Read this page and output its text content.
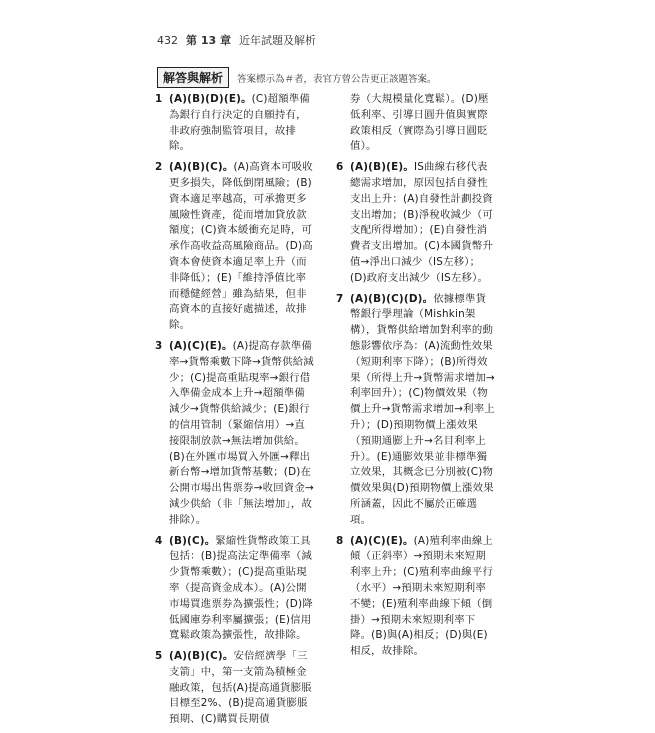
432 第 13 章 近年試題及解析
解答與解析	答案標示為＃者，表官方曾公告更正該題答案。
1 (A)(B)(D)(E)。(C)超額準備為銀行自行決定的自願持有，非政府強制監管項目，故排除。
2 (A)(B)(C)。(A)高資本可吸收更多損失，降低倒閉風險；(B)資本適足率越高，可承擔更多風險性資產，從而增加貸放款額度；(C)資本緩衝充足時，可承作高收益高風險商品。(D)高資本會使資本適足率上升（而非降低）；(E)「維持淨值比率而穩健經營」雖為結果，但非高資本的直接好處描述，故排除。
3 (A)(C)(E)。(A)提高存款準備率→貨幣乘數下降→貨幣供給減少；(C)提高重貼現率→銀行借入準備金成本上升→超額準備減少→貨幣供給減少；(E)銀行的信用管制（緊縮信用）→直接限制放款→無法增加供給。(B)在外匯市場買入外匯→釋出新台幣→增加貨幣基數；(D)在公開市場出售票券→收回資金→減少供給（非「無法增加」，故排除）。
4 (B)(C)。緊縮性貨幣政策工具包括：(B)提高法定準備率（減少貨幣乘數）；(C)提高重貼現率（提高資金成本）。(A)公開市場買進票券為擴張性；(D)降低國庫券利率屬擴張；(E)信用寬鬆政策為擴張性，故排除。
5 (A)(B)(C)。安倍經濟學「三支箭」中，第一支箭為積極金融政策，包括(A)提高通貨膨脹目標至2%、(B)提高通貨膨脹預期、(C)購買長期債
券（大規模量化寬鬆）。(D)壓低利率、引導日圓升值與實際政策相反（實際為引導日圓貶值）。
6 (A)(B)(E)。IS曲線右移代表總需求增加，原因包括自發性支出上升：(A)自發性計劃投資支出增加；(B)淨稅收減少（可支配所得增加）；(E)自發性消費者支出增加。(C)本國貨幣升值→淨出口減少（IS左移）；(D)政府支出減少（IS左移）。
7 (A)(B)(C)(D)。依據標準貨幣銀行學理論（Mishkin架構），貨幣供給增加對利率的動態影響依序為：(A)流動性效果（短期利率下降）；(B)所得效果（所得上升→貨幣需求增加→利率回升）；(C)物價效果（物價上升→貨幣需求增加→利率上升）；(D)預期物價上漲效果（預期通膨上升→名目利率上升）。(E)通膨效果並非標準獨立效果，其概念已分別被(C)物價效果與(D)預期物價上漲效果所涵蓋，因此不屬於正確選項。
8 (A)(C)(E)。(A)殖利率曲線上傾（正斜率）→預期未來短期利率上升；(C)殖利率曲線平行（水平）→預期未來短期利率不變；(E)殖利率曲線下傾（倒掛）→預期未來短期利率下降。(B)與(A)相反；(D)與(E)相反，故排除。
